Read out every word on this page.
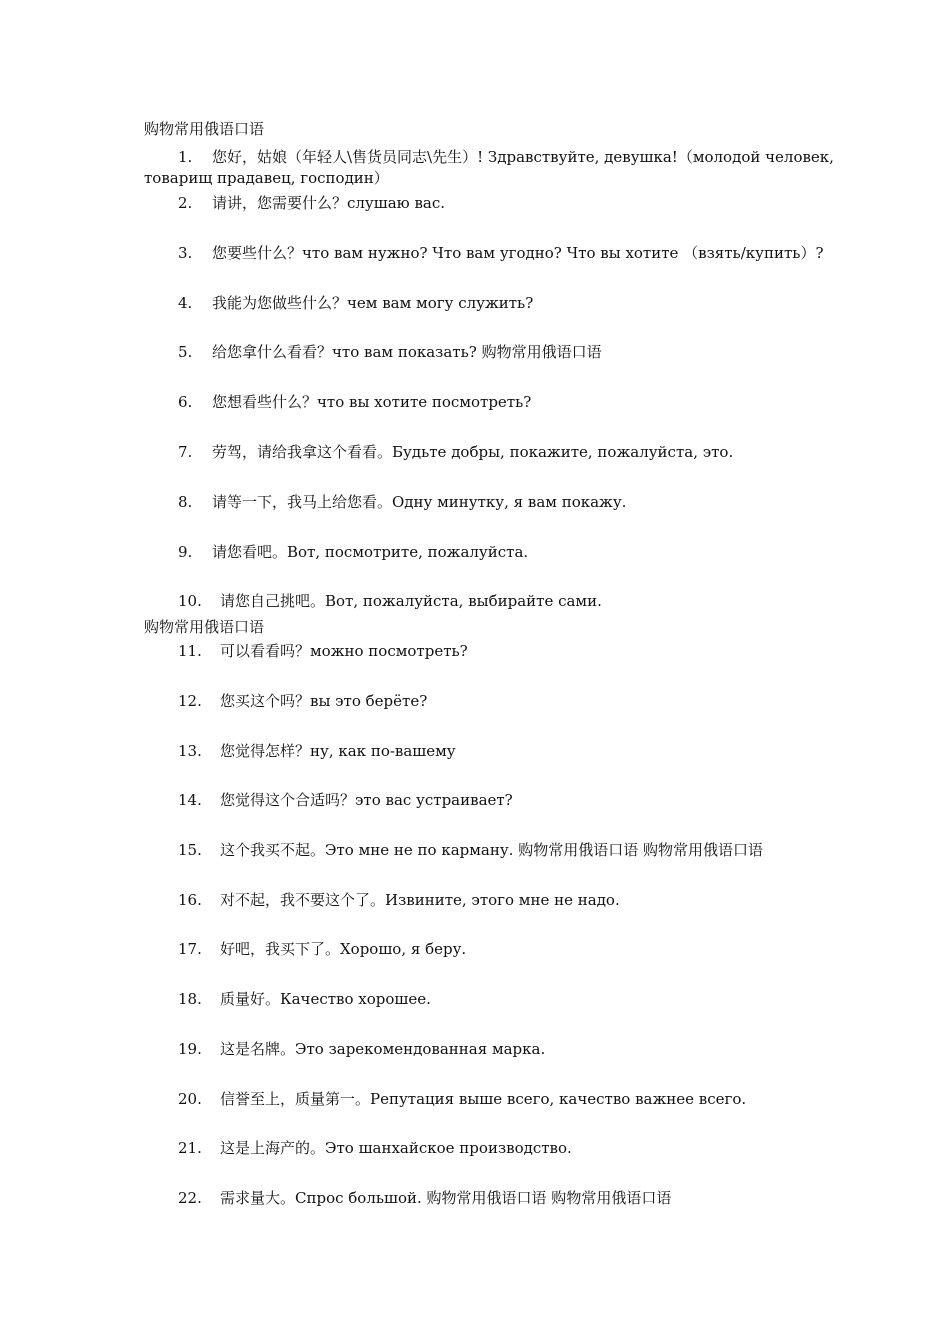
购物常用俄语口语
1. 您好，姑娘（年轻人\售货员同志\先生）! Здравствуйте, девушка!（молодой человек,
товарищ прадавец, господин）
2. 请讲，您需要什么？слушаю вас.
3. 您要些什么？что вам нужно? Что вам угодно? Что вы хотите （взять/купить）?
4. 我能为您做些什么？чем вам могу служить?
5. 给您拿什么看看？что вам показать? 购物常用俄语口语
6. 您想看些什么？что вы хотите посмотреть?
7. 劳驾，请给我拿这个看看。Будьте добры, покажите, пожалуйста, это.
8. 请等一下，我马上给您看。Одну минутку, я вам покажу.
9. 请您看吧。Вот, посмотрите, пожалуйста.
10. 请您自己挑吧。Вот, пожалуйста, выбирайте сами.
购物常用俄语口语
11. 可以看看吗？можно посмотреть?
12. 您买这个吗？вы это берёте?
13. 您觉得怎样？ну, как по-вашему
14. 您觉得这个合适吗？это вас устраивает?
15. 这个我买不起。Это мне не по карману. 购物常用俄语口语 购物常用俄语口语
16. 对不起，我不要这个了。Извините, этого мне не надо.
17. 好吧，我买下了。Хорошо, я беру.
18. 质量好。Качество хорошее.
19. 这是名牌。Это зарекомендованная марка.
20. 信誉至上，质量第一。Репутация выше всего, качество важнее всего.
21. 这是上海产的。Это шанхайское производство.
22. 需求量大。Спрос большой. 购物常用俄语口语 购物常用俄语口语
